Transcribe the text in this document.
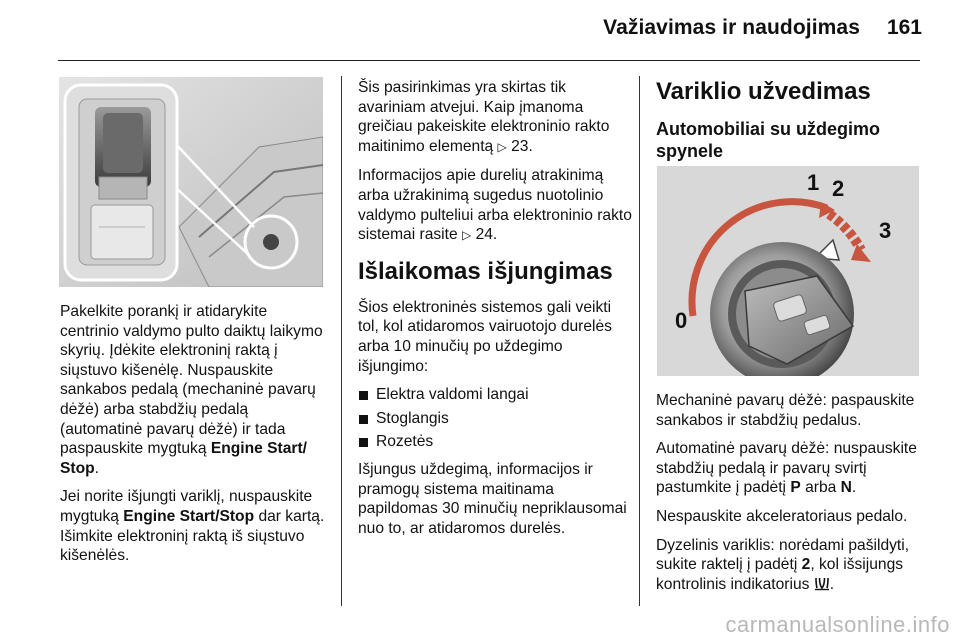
Važiavimas ir naudojimas	161

Pakelkite porankį ir atidarykite centrinio valdymo pulto daiktų laikymo skyrių. Įdėkite elektroninį raktą į siųstuvo kišenėlę. Nuspauskite sankabos pedalą (mechaninė pavarų dėžė) arba stabdžių pedalą (automatinė pavarų dėžė) ir tada paspauskite mygtuką Engine Start/ Stop.

Jei norite išjungti variklį, nuspauskite mygtuką Engine Start/Stop dar kartą. Išimkite elektroninį raktą iš siųstuvo kišenėlės.

Šis pasirinkimas yra skirtas tik avariniam atvejui. Kaip įmanoma greičiau pakeiskite elektroninio rakto maitinimo elementą ▷ 23.

Informacijos apie durelių atrakinimą arba užrakinimą sugedus nuotolinio valdymo pulteliui arba elektroninio rakto sistemai rasite ▷ 24.

Išlaikomas išjungimas

Šios elektroninės sistemos gali veikti tol, kol atidaromos vairuotojo durelės arba 10 minučių po uždegimo išjungimo:

Elektra valdomi langai
Stoglangis
Rozetės

Išjungus uždegimą, informacijos ir pramogų sistema maitinama papildomas 30 minučių nepriklausomai nuo to, ar atidaromos durelės.

Variklio užvedimas
Automobiliai su uždegimo spynele
0
1 2
3

Mechaninė pavarų dėžė: paspauskite sankabos ir stabdžių pedalus.

Automatinė pavarų dėžė: nuspauskite stabdžių pedalą ir pavarų svirtį pastumkite į padėtį P arba N.

Nespauskite akceleratoriaus pedalo.

Dyzelinis variklis: norėdami pašildyti, sukite raktelį į padėtį 2, kol išsijungs kontrolinis indikatorius .

carmanualsonline.info
